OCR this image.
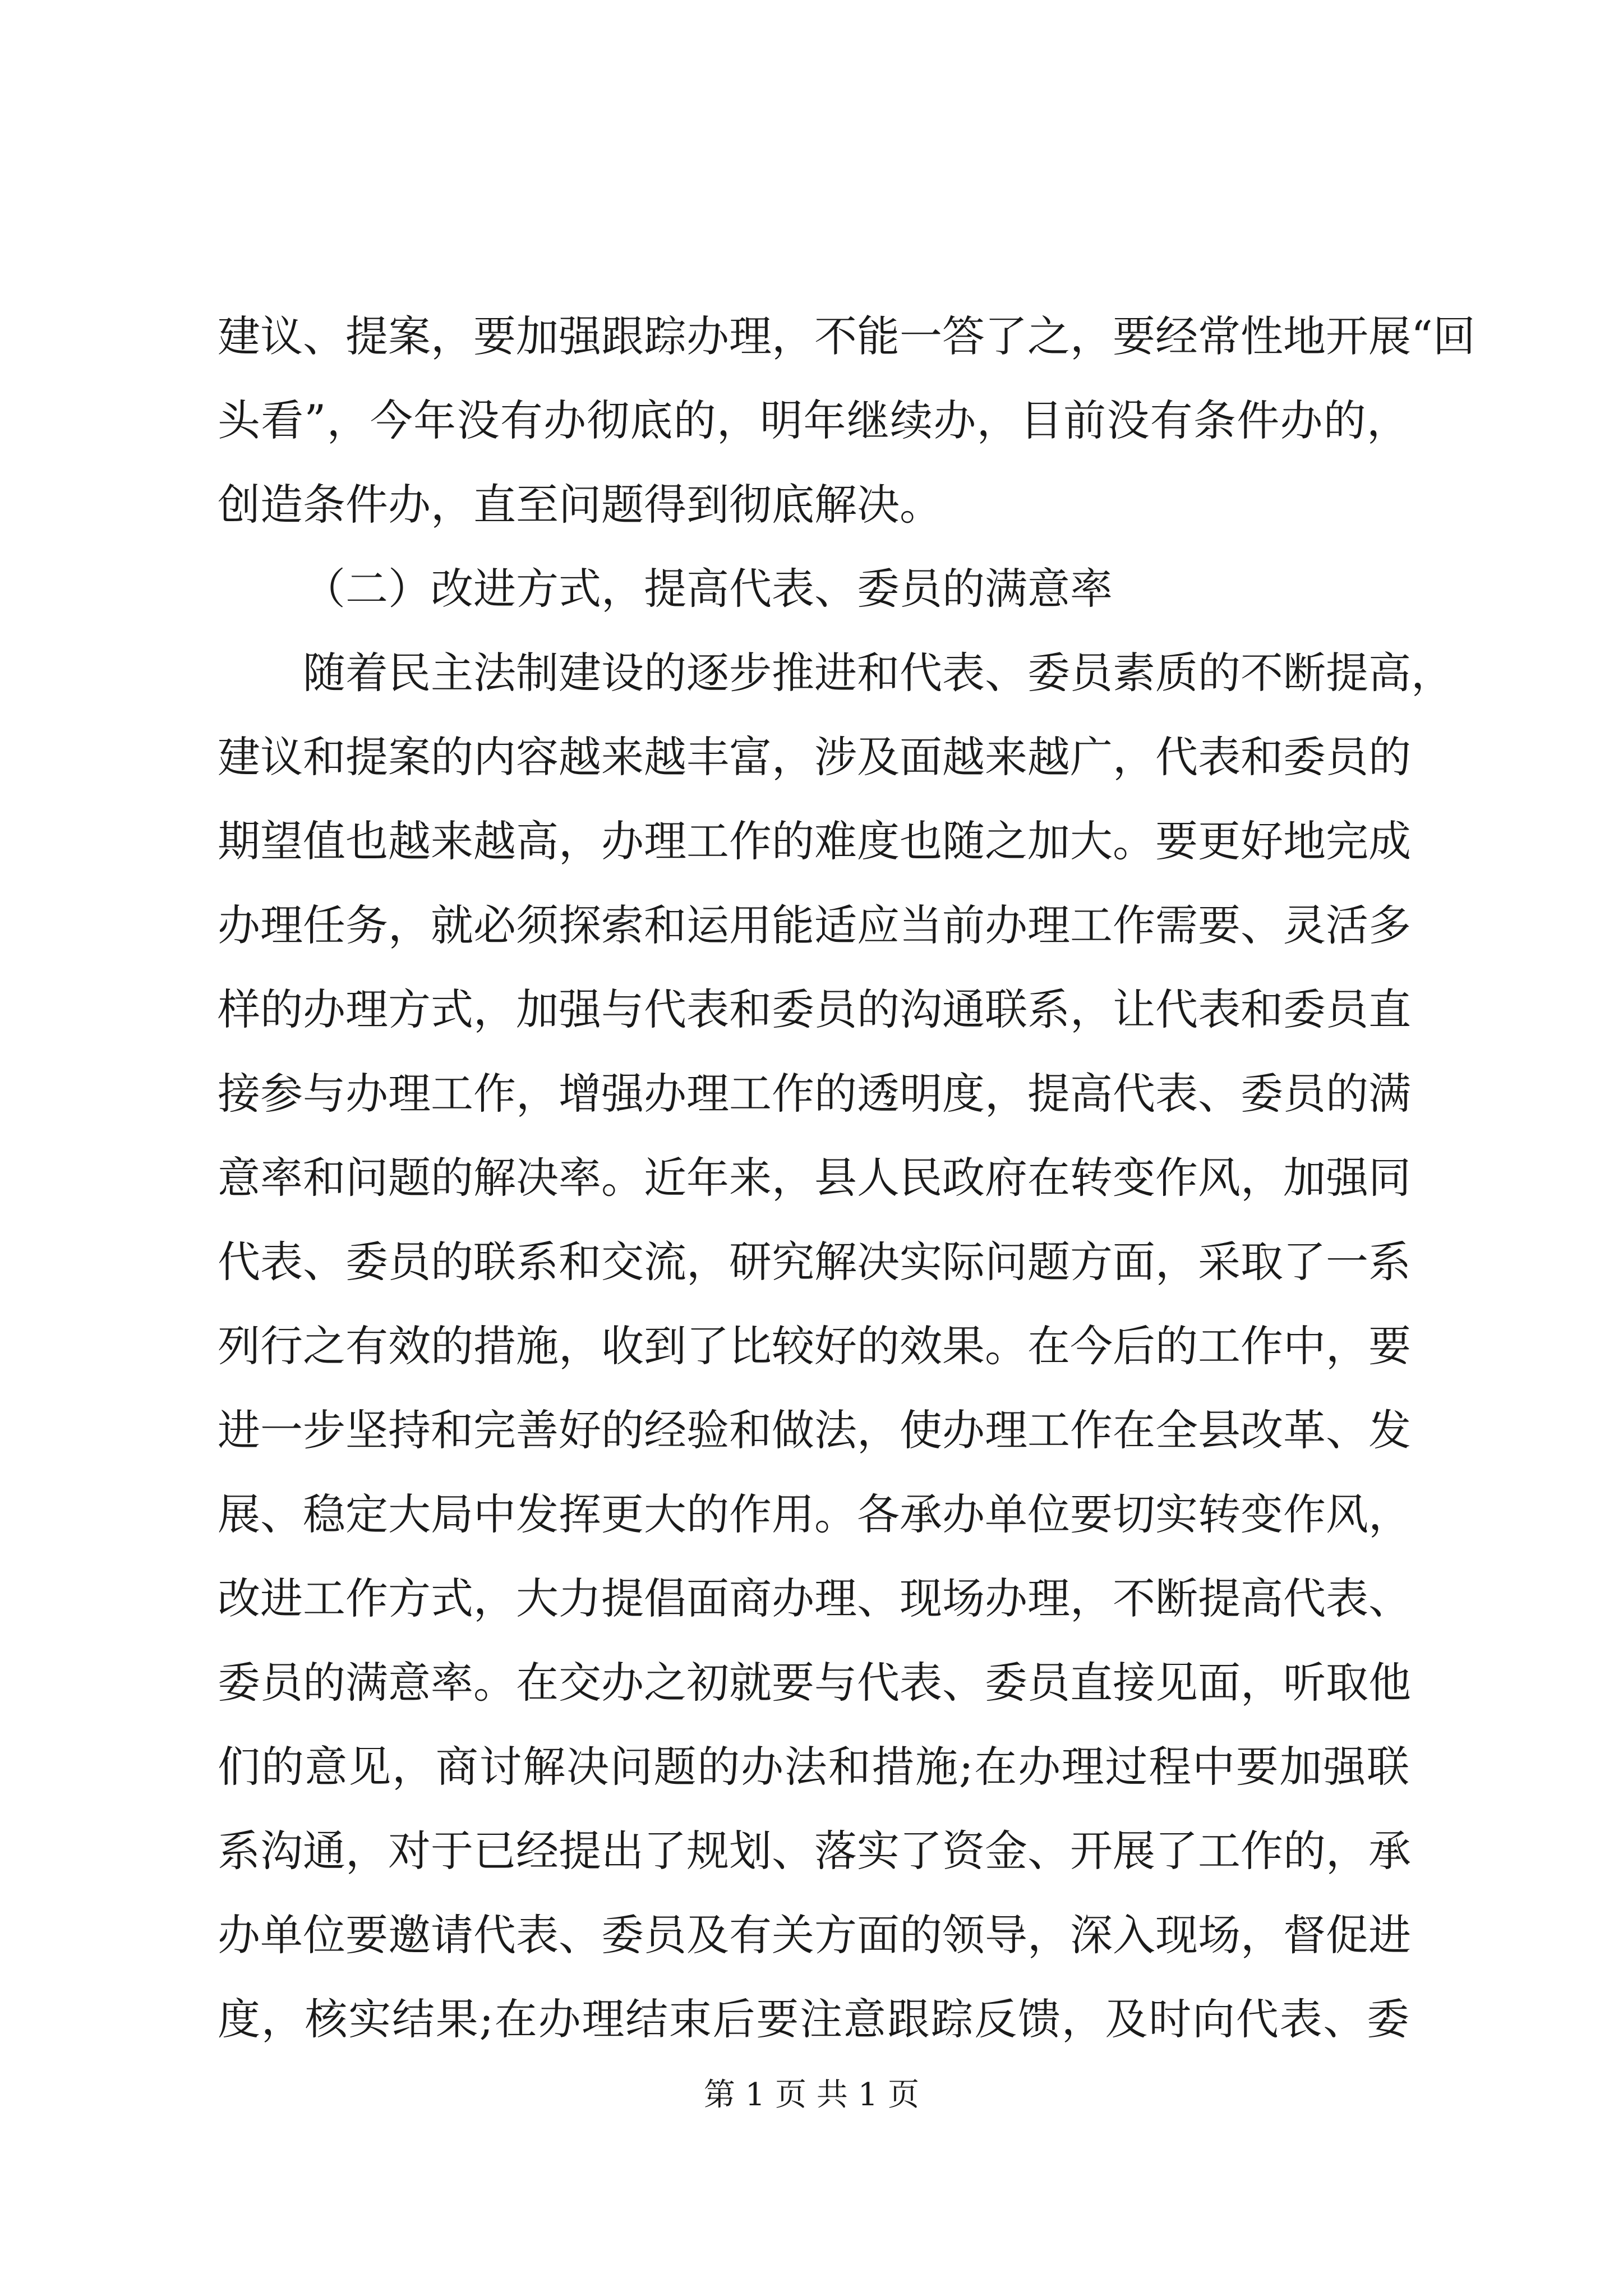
建议、提案，要加强跟踪办理，不能一答了之，要经常性地开展“回
头看”，今年没有办彻底的，明年继续办，目前没有条件办的，
创造条件办，直至问题得到彻底解决。
（二）改进方式，提高代表、委员的满意率
随着民主法制建设的逐步推进和代表、委员素质的不断提高，
建议和提案的内容越来越丰富，涉及面越来越广，代表和委员的
期望值也越来越高，办理工作的难度也随之加大。要更好地完成
办理任务，就必须探索和运用能适应当前办理工作需要、灵活多
样的办理方式，加强与代表和委员的沟通联系，让代表和委员直
接参与办理工作，增强办理工作的透明度，提高代表、委员的满
意率和问题的解决率。近年来，县人民政府在转变作风，加强同
代表、委员的联系和交流，研究解决实际问题方面，采取了一系
列行之有效的措施，收到了比较好的效果。在今后的工作中，要
进一步坚持和完善好的经验和做法，使办理工作在全县改革、发
展、稳定大局中发挥更大的作用。各承办单位要切实转变作风，
改进工作方式，大力提倡面商办理、现场办理，不断提高代表、
委员的满意率。在交办之初就要与代表、委员直接见面，听取他
们的意见，商讨解决问题的办法和措施;在办理过程中要加强联
系沟通，对于已经提出了规划、落实了资金、开展了工作的，承
办单位要邀请代表、委员及有关方面的领导，深入现场，督促进
度，核实结果;在办理结束后要注意跟踪反馈，及时向代表、委
第 1 页 共 1 页
